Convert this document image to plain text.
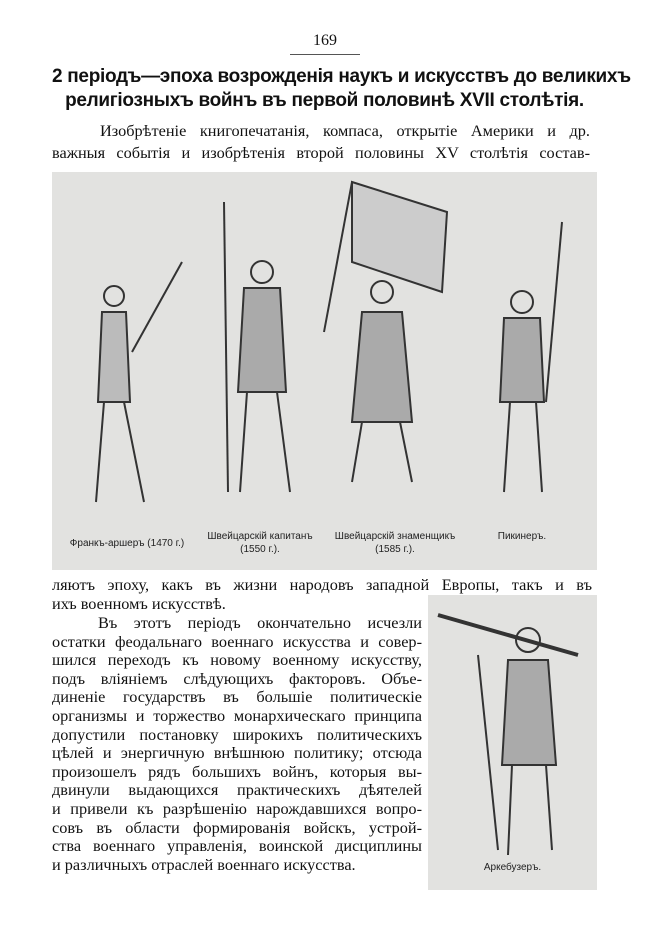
169
2 періодъ—эпоха возрожденія наукъ и искусствъ до великихъ
религіозныхъ войнъ въ первой половинѣ XVII столѣтія.
Изобрѣтеніе книгопечатанія, компаса, открытіе Америки и др.
важныя событія и изобрѣтенія второй половины XV столѣтія состав-
Франкъ-аршеръ (1470 г.)
Швейцарскій капитанъ
(1550 г.).
Швейцарскій знаменщикъ
(1585 г.).
Пикинеръ.
ляютъ эпоху, какъ въ жизни народовъ западной Европы, такъ и въ
ихъ военномъ искусствѣ.
Въ этотъ періодъ окончательно исчезли
остатки феодальнаго военнаго искусства и совер-
шился переходъ къ новому военному искусству,
подъ вліяніемъ слѣдующихъ факторовъ. Объе-
диненіе государствъ въ большіе политическіе
организмы и торжество монархическаго принципа
допустили постановку широкихъ политическихъ
цѣлей и энергичную внѣшнюю политику; отсюда
произошелъ рядъ большихъ войнъ, которыя вы-
двинули выдающихся практическихъ дѣятелей
и привели къ разрѣшенію нарождавшихся вопро-
совъ въ области формированія войскъ, устрой-
ства военнаго управленія, воинской дисциплины
и различныхъ отраслей военнаго искусства.	Аркебузеръ.
